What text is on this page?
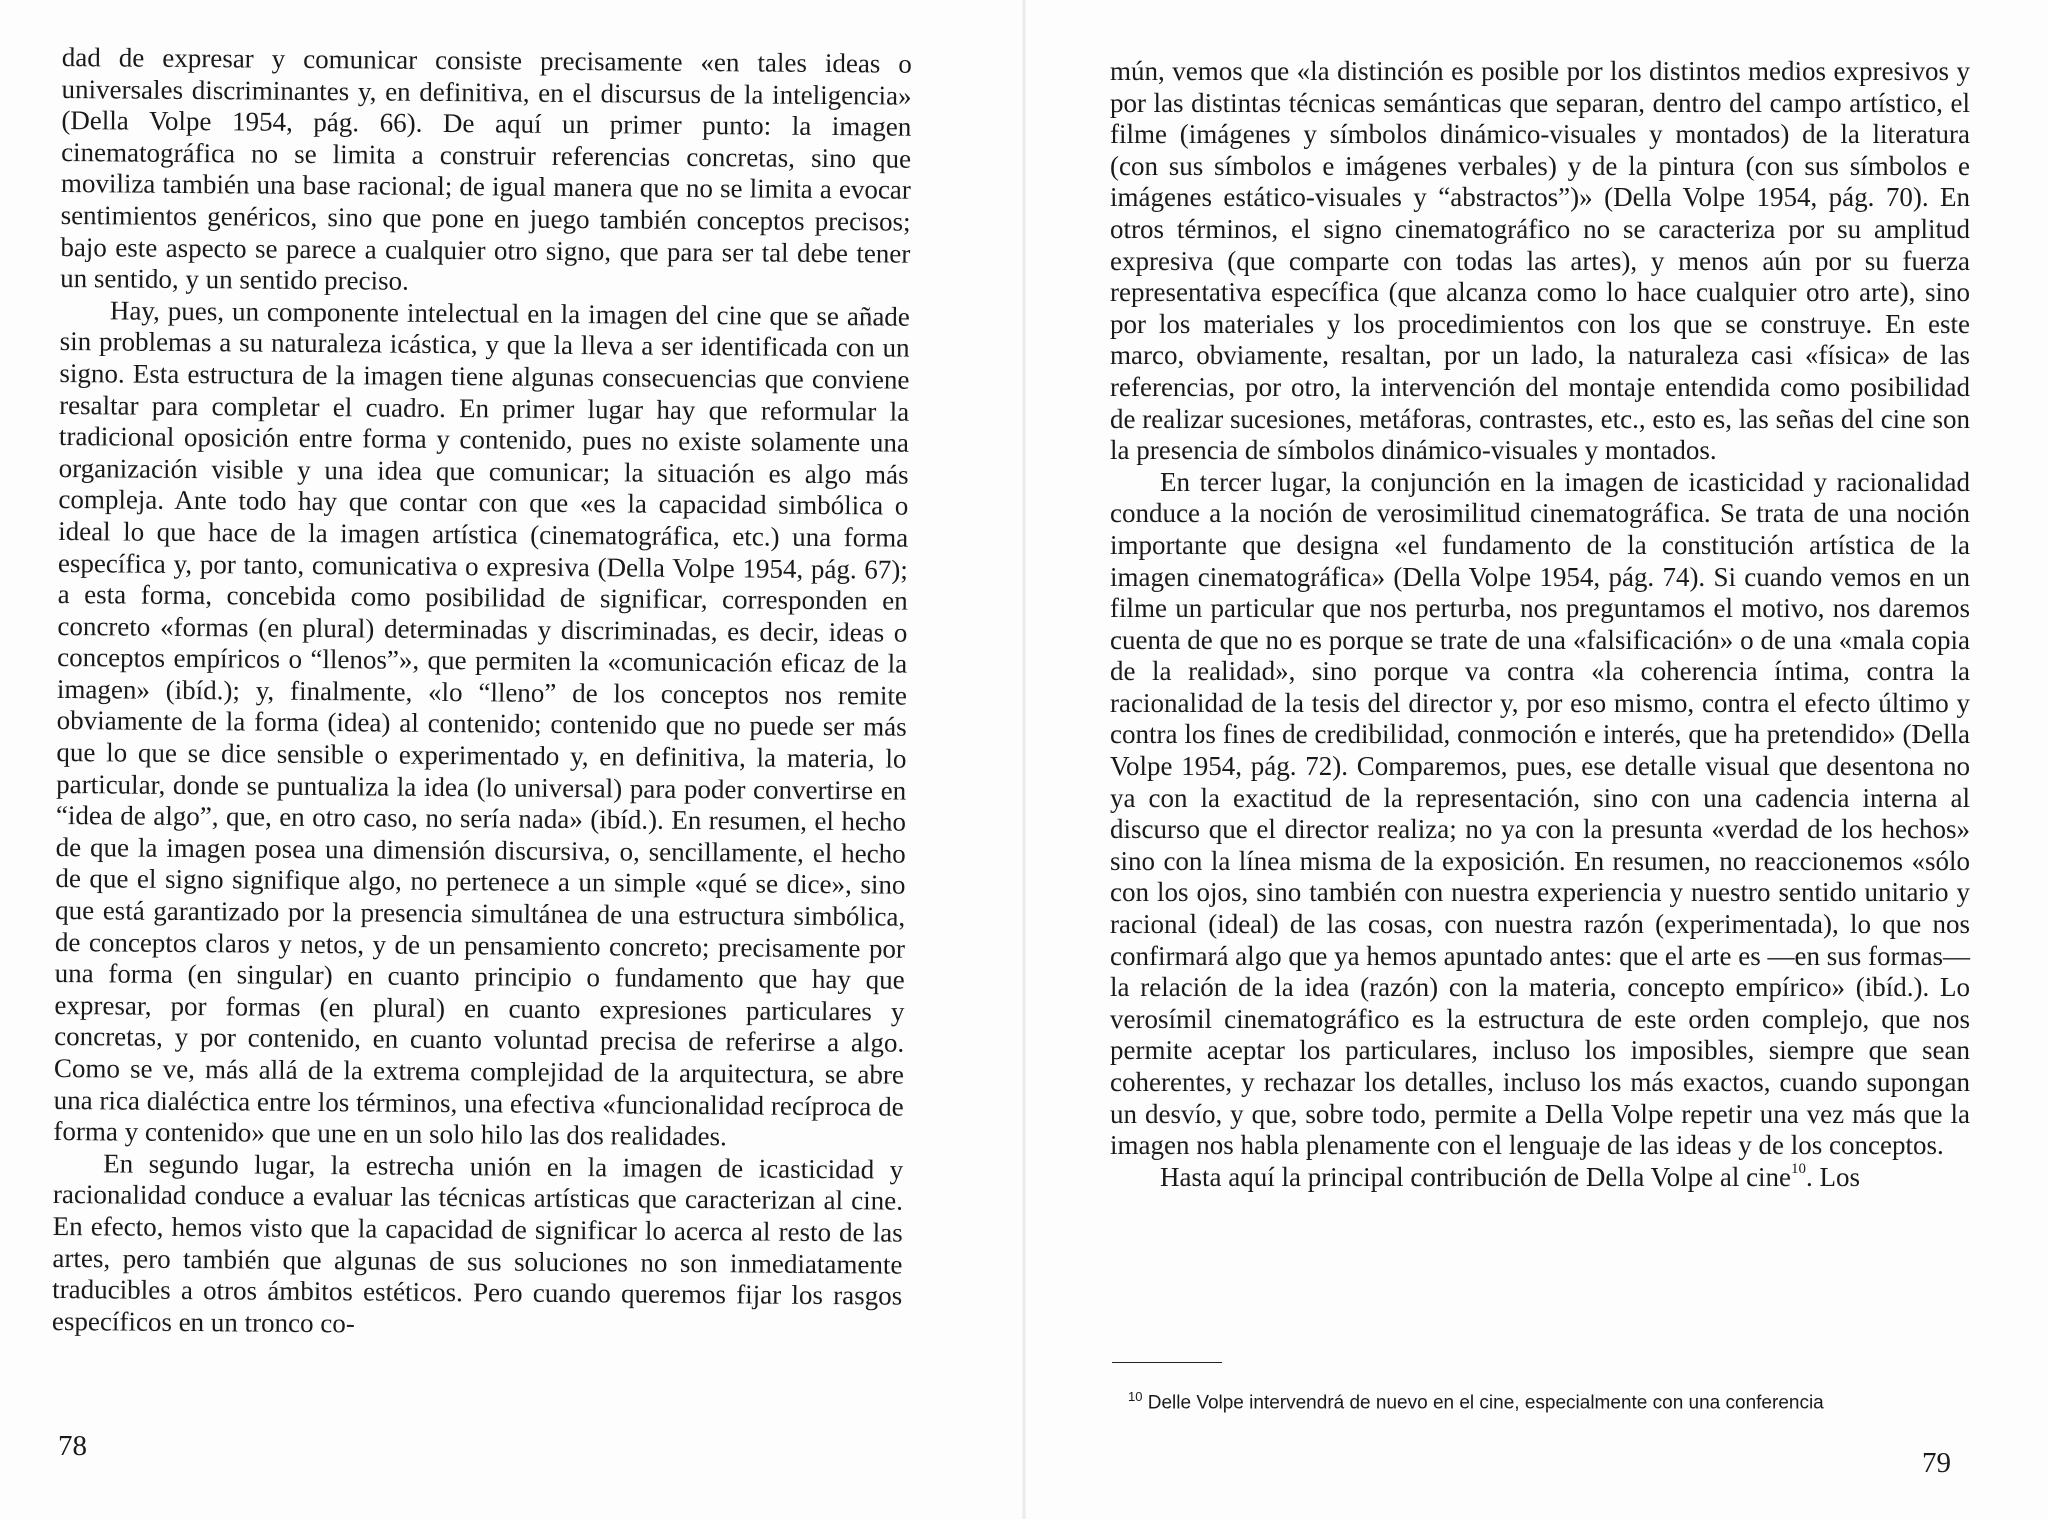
dad de expresar y comunicar consiste precisamente «en tales ideas o universales discriminantes y, en definitiva, en el discursus de la inteligencia» (Della Volpe 1954, pág. 66). De aquí un primer punto: la imagen cinematográfica no se limita a construir referencias concretas, sino que moviliza también una base racional; de igual manera que no se limita a evocar sentimientos genéricos, sino que pone en juego también conceptos precisos; bajo este aspecto se parece a cualquier otro signo, que para ser tal debe tener un sentido, y un sentido preciso.

Hay, pues, un componente intelectual en la imagen del cine que se añade sin problemas a su naturaleza icástica, y que la lleva a ser identificada con un signo. Esta estructura de la imagen tiene algunas consecuencias que conviene resaltar para completar el cuadro. En primer lugar hay que reformular la tradicional oposición entre forma y contenido, pues no existe solamente una organización visible y una idea que comunicar; la situación es algo más compleja. Ante todo hay que contar con que «es la capacidad simbólica o ideal lo que hace de la imagen artística (cinematográfica, etc.) una forma específica y, por tanto, comunicativa o expresiva (Della Volpe 1954, pág. 67); a esta forma, concebida como posibilidad de significar, corresponden en concreto «formas (en plural) determinadas y discriminadas, es decir, ideas o conceptos empíricos o “llenos”», que permiten la «comunicación eficaz de la imagen» (ibíd.); y, finalmente, «lo “lleno” de los conceptos nos remite obviamente de la forma (idea) al contenido; contenido que no puede ser más que lo que se dice sensible o experimentado y, en definitiva, la materia, lo particular, donde se puntualiza la idea (lo universal) para poder convertirse en “idea de algo”, que, en otro caso, no sería nada» (ibíd.). En resumen, el hecho de que la imagen posea una dimensión discursiva, o, sencillamente, el hecho de que el signo signifique algo, no pertenece a un simple «qué se dice», sino que está garantizado por la presencia simultánea de una estructura simbólica, de conceptos claros y netos, y de un pensamiento concreto; precisamente por una forma (en singular) en cuanto principio o fundamento que hay que expresar, por formas (en plural) en cuanto expresiones particulares y concretas, y por contenido, en cuanto voluntad precisa de referirse a algo. Como se ve, más allá de la extrema complejidad de la arquitectura, se abre una rica dialéctica entre los términos, una efectiva «funcionalidad recíproca de forma y contenido» que une en un solo hilo las dos realidades.

En segundo lugar, la estrecha unión en la imagen de icasticidad y racionalidad conduce a evaluar las técnicas artísticas que caracterizan al cine. En efecto, hemos visto que la capacidad de significar lo acerca al resto de las artes, pero también que algunas de sus soluciones no son inmediatamente traducibles a otros ámbitos estéticos. Pero cuando queremos fijar los rasgos específicos en un tronco co-

78

mún, vemos que «la distinción es posible por los distintos medios expresivos y por las distintas técnicas semánticas que separan, dentro del campo artístico, el filme (imágenes y símbolos dinámico-visuales y montados) de la literatura (con sus símbolos e imágenes verbales) y de la pintura (con sus símbolos e imágenes estático-visuales y “abstractos”)» (Della Volpe 1954, pág. 70). En otros términos, el signo cinematográfico no se caracteriza por su amplitud expresiva (que comparte con todas las artes), y menos aún por su fuerza representativa específica (que alcanza como lo hace cualquier otro arte), sino por los materiales y los procedimientos con los que se construye. En este marco, obviamente, resaltan, por un lado, la naturaleza casi «física» de las referencias, por otro, la intervención del montaje entendida como posibilidad de realizar sucesiones, metáforas, contrastes, etc., esto es, las señas del cine son la presencia de símbolos dinámico-visuales y montados.

En tercer lugar, la conjunción en la imagen de icasticidad y racionalidad conduce a la noción de verosimilitud cinematográfica. Se trata de una noción importante que designa «el fundamento de la constitución artística de la imagen cinematográfica» (Della Volpe 1954, pág. 74). Si cuando vemos en un filme un particular que nos perturba, nos preguntamos el motivo, nos daremos cuenta de que no es porque se trate de una «falsificación» o de una «mala copia de la realidad», sino porque va contra «la coherencia íntima, contra la racionalidad de la tesis del director y, por eso mismo, contra el efecto último y contra los fines de credibilidad, conmoción e interés, que ha pretendido» (Della Volpe 1954, pág. 72). Comparemos, pues, ese detalle visual que desentona no ya con la exactitud de la representación, sino con una cadencia interna al discurso que el director realiza; no ya con la presunta «verdad de los hechos» sino con la línea misma de la exposición. En resumen, no reaccionemos «sólo con los ojos, sino también con nuestra experiencia y nuestro sentido unitario y racional (ideal) de las cosas, con nuestra razón (experimentada), lo que nos confirmará algo que ya hemos apuntado antes: que el arte es —en sus formas— la relación de la idea (razón) con la materia, concepto empírico» (ibíd.). Lo verosímil cinematográfico es la estructura de este orden complejo, que nos permite aceptar los particulares, incluso los imposibles, siempre que sean coherentes, y rechazar los detalles, incluso los más exactos, cuando supongan un desvío, y que, sobre todo, permite a Della Volpe repetir una vez más que la imagen nos habla plenamente con el lenguaje de las ideas y de los conceptos.

Hasta aquí la principal contribución de Della Volpe al cine$^{10}$. Los

$^{10}$ Delle Volpe intervendrá de nuevo en el cine, especialmente con una conferencia
79
